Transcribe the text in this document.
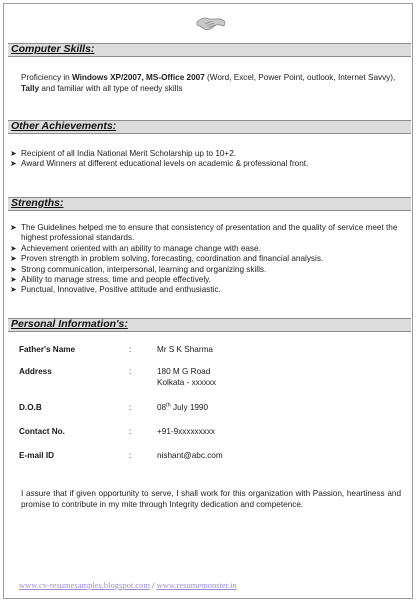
Computer Skills:
Proficiency in Windows XP/2007, MS-Office 2007 (Word, Excel, Power Point, outlook, Internet Savvy), Tally and familiar with all type of needy skills
Other Achievements:
➤ Recipient of all India National Merit Scholarship up to 10+2.
➤ Award Winners at different educational levels on academic & professional front.
Strengths:
➤ The Guidelines helped me to ensure that consistency of presentation and the quality of service meet the highest professional standards.
➤ Achievement oriented with an ability to manage change with ease.
➤ Proven strength in problem solving, forecasting, coordination and financial analysis.
➤ Strong communication, interpersonal, learning and organizing skills.
➤ Ability to manage stress, time and people effectively.
➤ Punctual, Innovative, Positive attitude and enthusiastic.
Personal Information's:
Father's Name	:	Mr S K Sharma
Address	:	180 M G Road
Kolkata - xxxxxx
D.O.B	:	08th July 1990
Contact No.	:	+91-9xxxxxxxxx
E-mail ID	:	nishant@abc.com
I assure that if given opportunity to serve, I shall work for this organization with Passion, heartiness and promise to contribute in my mite through Integrity dedication and competence.
www.cv-resumesamples.blogspot.com / www.resumemonster.in
